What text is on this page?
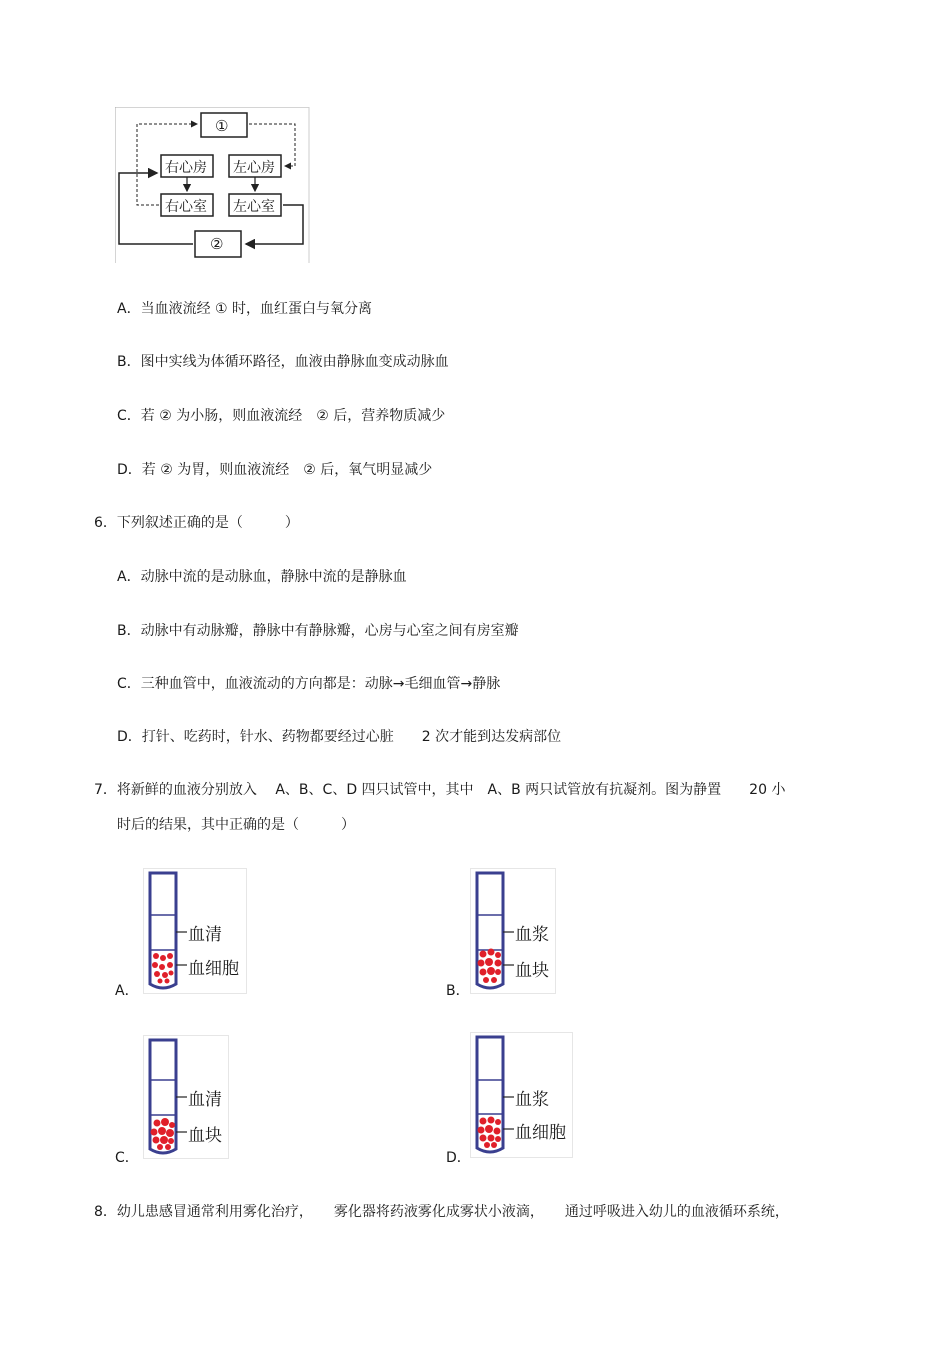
①
右心房 左心房
右心室 左心室
②
A．当血液流经 ① 时，血红蛋白与氧分离
B．图中实线为体循环路径，血液由静脉血变成动脉血
C．若 ② 为小肠，则血液流经　② 后，营养物质减少
D．若 ② 为胃，则血液流经　② 后，氧气明显减少
6．下列叙述正确的是（　　　）
A．动脉中流的是动脉血，静脉中流的是静脉血
B．动脉中有动脉瓣，静脉中有静脉瓣，心房与心室之间有房室瓣
C．三种血管中，血液流动的方向都是：动脉→毛细血管→静脉
D．打针、吃药时，针水、药物都要经过心脏　　2 次才能到达发病部位
7．将新鲜的血液分别放入　 A、B、C、D 四只试管中，其中　A、B 两只试管放有抗凝剂。图为静置　　20 小
时后的结果，其中正确的是（　　　）
血清
血细胞
A．
血浆
血块
B．
血清
血块
C．
血浆
血细胞
D．
8．幼儿患感冒通常利用雾化治疗，　　雾化器将药液雾化成雾状小液滴，　　通过呼吸进入幼儿的血液循环系统，
